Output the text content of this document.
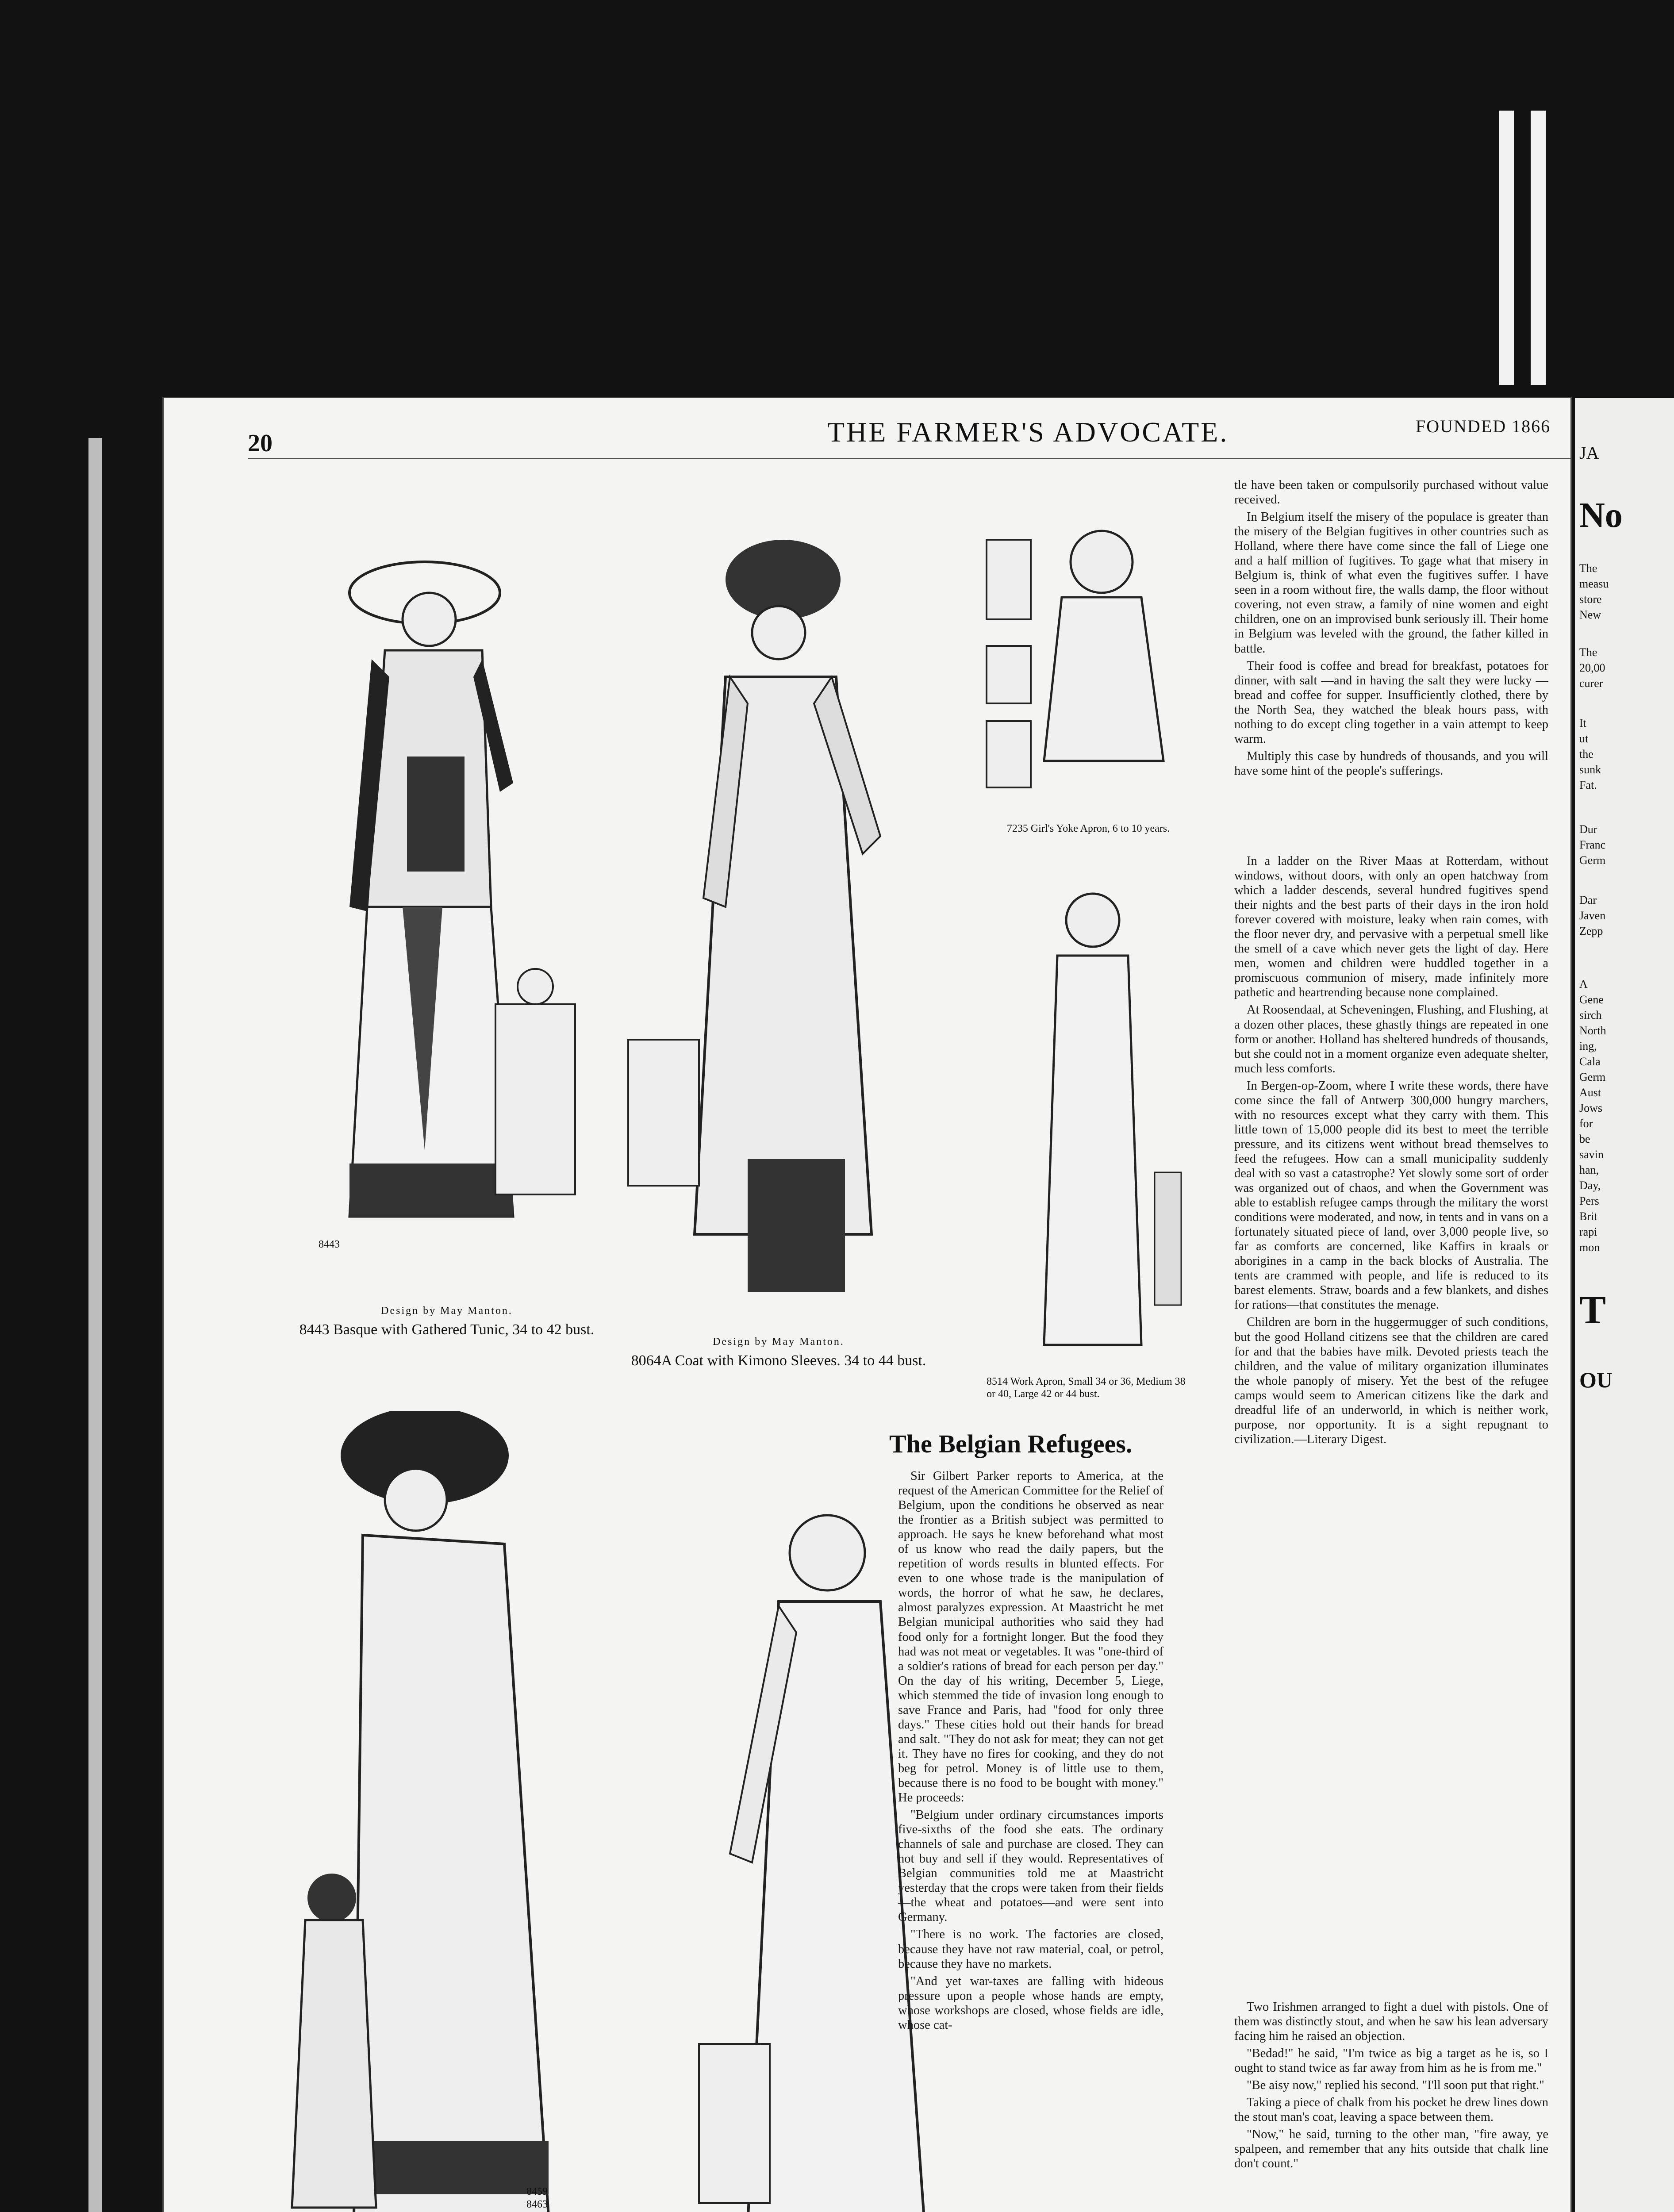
20	THE FARMER'S ADVOCATE.	FOUNDED 1866
8443
Design by May Manton.
8443 Basque with Gathered Tunic, 34 to 42 bust.
Design by May Manton.
8064A Coat with Kimono Sleeves. 34 to 44 bust.
7235 Girl's Yoke Apron, 6 to 10 years.
8514 Work Apron, Small 34 or 36, Medium 38 or 40, Large 42 or 44 bust.
8459 8463
The Belgian Refugees.

Sir Gilbert Parker reports to America, at the request of the American Committee for the Relief of Belgium, upon the conditions he observed as near the frontier as a British subject was permitted to approach. He says he knew beforehand what most of us know who read the daily papers, but the repetition of words results in blunted effects. For even to one whose trade is the manipulation of words, the horror of what he saw, he declares, almost paralyzes expression. At Maastricht he met Belgian municipal authorities who said they had food only for a fortnight longer. But the food they had was not meat or vegetables. It was "one-third of a soldier's rations of bread for each person per day." On the day of his writing, December 5, Liege, which stemmed the tide of invasion long enough to save France and Paris, had "food for only three days." These cities hold out their hands for bread and salt. "They do not ask for meat; they can not get it. They have no fires for cooking, and they do not beg for petrol. Money is of little use to them, because there is no food to be bought with money." He proceeds:

"Belgium under ordinary circumstances imports five-sixths of the food she eats. The ordinary channels of sale and purchase are closed. They can not buy and sell if they would. Representatives of Belgian communities told me at Maastricht yesterday that the crops were taken from their fields—the wheat and potatoes—and were sent into Germany.

"There is no work. The factories are closed, because they have not raw material, coal, or petrol, because they have no markets.

"And yet war-taxes are falling with hideous pressure upon a people whose hands are empty, whose workshops are closed, whose fields are idle, whose cat-

tle have been taken or compulsorily purchased without value received.

In Belgium itself the misery of the populace is greater than the misery of the Belgian fugitives in other countries such as Holland, where there have come since the fall of Liege one and a half million of fugitives. To gage what that misery in Belgium is, think of what even the fugitives suffer. I have seen in a room without fire, the walls damp, the floor without covering, not even straw, a family of nine women and eight children, one on an improvised bunk seriously ill. Their home in Belgium was leveled with the ground, the father killed in battle.

Their food is coffee and bread for breakfast, potatoes for dinner, with salt —and in having the salt they were lucky —bread and coffee for supper. Insufficiently clothed, there by the North Sea, they watched the bleak hours pass, with nothing to do except cling together in a vain attempt to keep warm.

Multiply this case by hundreds of thousands, and you will have some hint of the people's sufferings.

In a ladder on the River Maas at Rotterdam, without windows, without doors, with only an open hatchway from which a ladder descends, several hundred fugitives spend their nights and the best parts of their days in the iron hold forever covered with moisture, leaky when rain comes, with the floor never dry, and pervasive with a perpetual smell like the smell of a cave which never gets the light of day. Here men, women and children were huddled together in a promiscuous communion of misery, made infinitely more pathetic and heartrending because none complained.

At Roosendaal, at Scheveningen, Flushing, and Flushing, at a dozen other places, these ghastly things are repeated in one form or another. Holland has sheltered hundreds of thousands, but she could not in a moment organize even adequate shelter, much less comforts.

In Bergen-op-Zoom, where I write these words, there have come since the fall of Antwerp 300,000 hungry marchers, with no resources except what they carry with them. This little town of 15,000 people did its best to meet the terrible pressure, and its citizens went without bread themselves to feed the refugees. How can a small municipality suddenly deal with so vast a catastrophe? Yet slowly some sort of order was organized out of chaos, and when the Government was able to establish refugee camps through the military the worst conditions were moderated, and now, in tents and in vans on a fortunately situated piece of land, over 3,000 people live, so far as comforts are concerned, like Kaffirs in kraals or aborigines in a camp in the back blocks of Australia. The tents are crammed with people, and life is reduced to its barest elements. Straw, boards and a few blankets, and dishes for rations—that constitutes the menage.

Children are born in the huggermugger of such conditions, but the good Holland citizens see that the children are cared for and that the babies have milk. Devoted priests teach the children, and the value of military organization illuminates the whole panoply of misery. Yet the best of the refugee camps would seem to American citizens like the dark and dreadful life of an underworld, in which is neither work, purpose, nor opportunity. It is a sight repugnant to civilization.—Literary Digest.

Two Irishmen arranged to fight a duel with pistols. One of them was distinctly stout, and when he saw his lean adversary facing him he raised an objection.

"Bedad!" he said, "I'm twice as big a target as he is, so I ought to stand twice as far away from him as he is from me."

"Be aisy now," replied his second. "I'll soon put that right."

Taking a piece of chalk from his pocket he drew lines down the stout man's coat, leaving a space between them.

"Now," he said, turning to the other man, "fire away, ye spalpeen, and remember that any hits outside that chalk line don't count."

JA
No
The
measu
store
New
The
20,00
curer
It
ut
the
sunk
Fat.
Dur
Franc
Germ
Dar
Javen
Zepp
A
Gene
sirch
North
ing,
Cala
Germ
Aust
Jows
for
be
savin
han,
Day,
Pers
Brit
rapi
mon
T
OU
